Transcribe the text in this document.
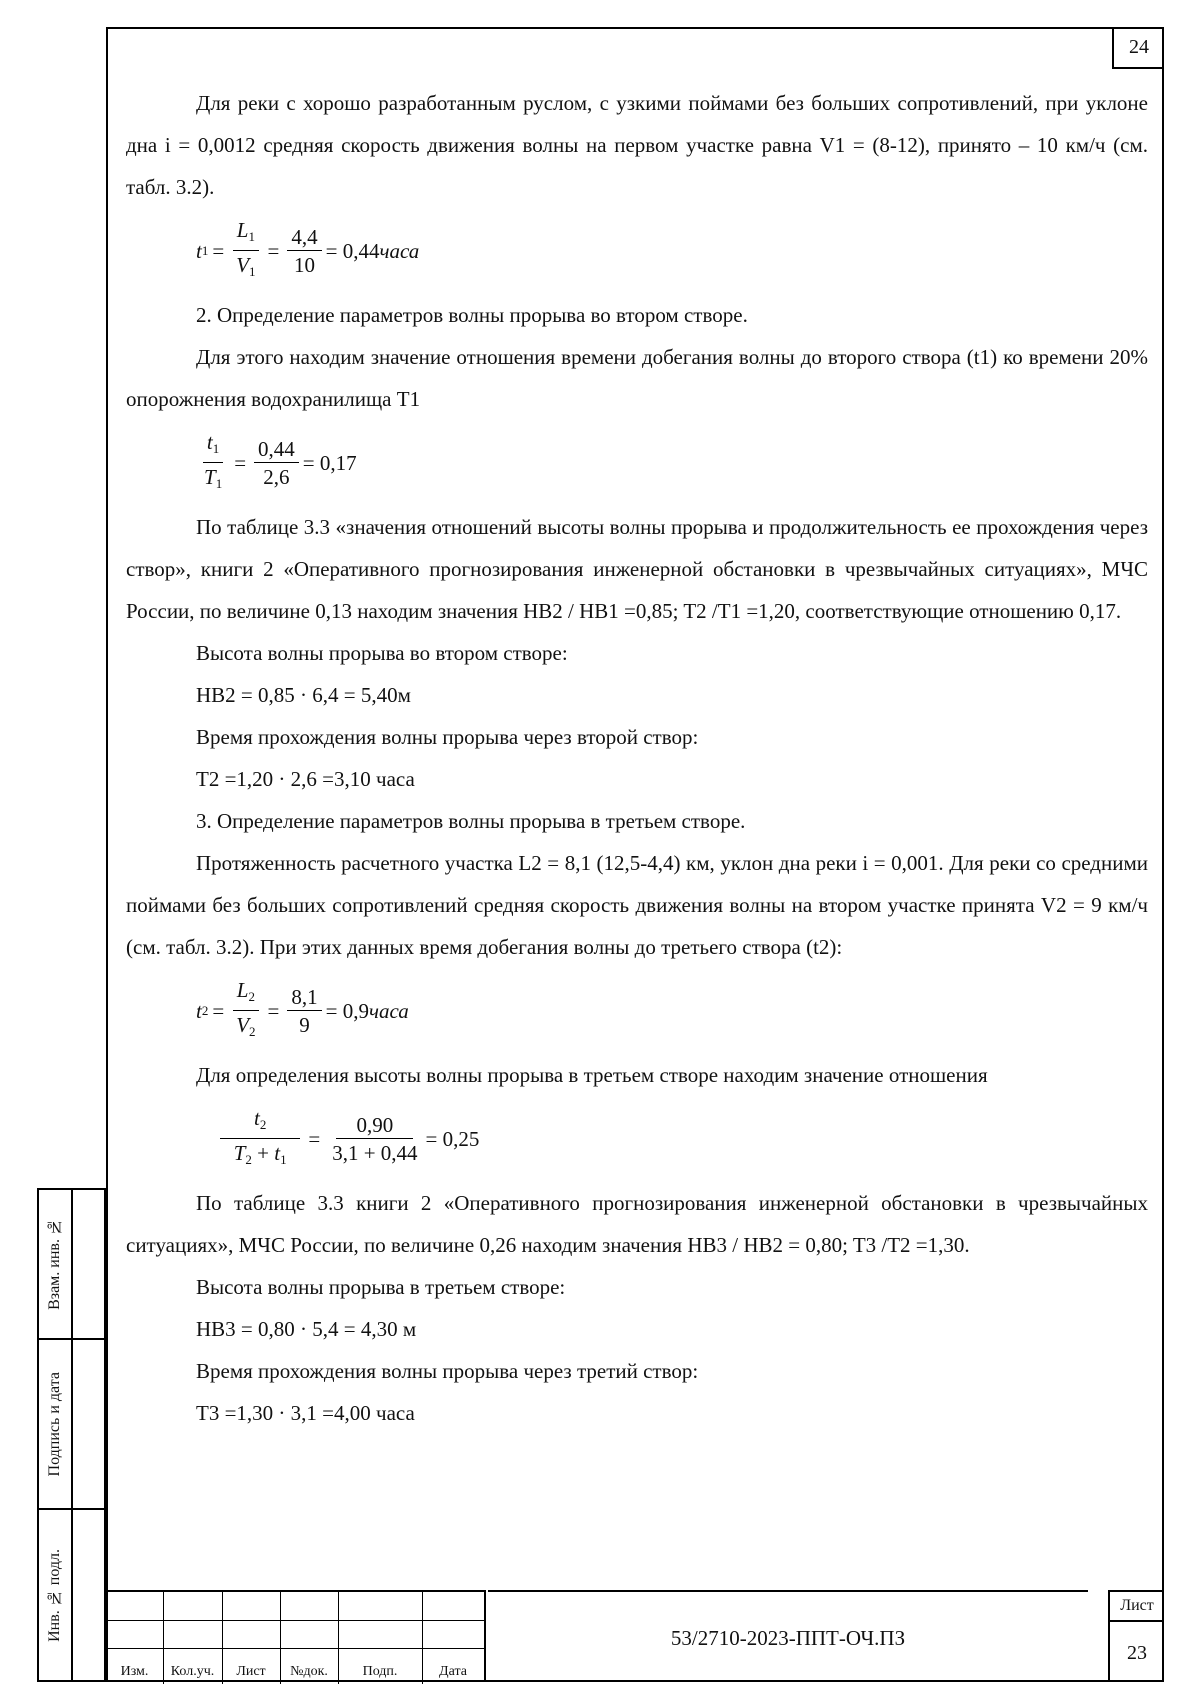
24
Взам. инв. №
Подпись и дата
Инв. № подл.

Для реки с хорошо разработанным руслом, с узкими поймами без больших сопротивлений, при уклоне дна i = 0,0012 средняя скорость движения волны на первом участке равна V1 = (8-12), принято – 10 км/ч (см. табл. 3.2).

t $1 = \frac{L_1}{V_1} = \frac{4,4}{10} = 0,44$ часа

2. Определение параметров волны прорыва во втором створе.

Для этого находим значение отношения времени добегания волны до второго створа (t1) ко времени 20% опорожнения водохранилища T1

$\frac{t_1}{T_1} = \frac{0,44}{2,6} = 0,17$

По таблице 3.3 «значения отношений высоты волны прорыва и продолжительность ее прохождения через створ», книги 2 «Оперативного прогнозирования инженерной обстановки в чрезвычайных ситуациях», МЧС России, по величине 0,13 находим значения HB2 / HB1 =0,85; T2 /T1 =1,20, соответствующие отношению 0,17.

Высота волны прорыва во втором створе:

HB2 = 0,85 · 6,4 = 5,40м

Время прохождения волны прорыва через второй створ:

T2 =1,20 · 2,6 =3,10 часа

3. Определение параметров волны прорыва в третьем створе.

Протяженность расчетного участка L2 = 8,1 (12,5-4,4) км, уклон дна реки i = 0,001. Для реки со средними поймами без больших сопротивлений средняя скорость движения волны на втором участке принята V2 = 9 км/ч (см. табл. 3.2). При этих данных время добегания волны до третьего створа (t2):

t $2 = \frac{L_2}{V_2} = \frac{8,1}{9} = 0,9$ часа

Для определения высоты волны прорыва в третьем створе находим значение отношения

$\frac{t_2}{T_2 + t_1} = \frac{0,90}{3,1 + 0,44} = 0,25$

По таблице 3.3 книги 2 «Оперативного прогнозирования инженерной обстановки в чрезвычайных ситуациях», МЧС России, по величине 0,26 находим значения HB3 / HB2 = 0,80; T3 /T2 =1,30.

Высота волны прорыва в третьем створе:

HB3 = 0,80 · 5,4 = 4,30 м

Время прохождения волны прорыва через третий створ:

T3 =1,30 · 3,1 =4,00 часа

Изм.	Кол.уч.	Лист	№док.	Подп.	Дата
53/2710-2023-ППТ-ОЧ.ПЗ
Лист
23
